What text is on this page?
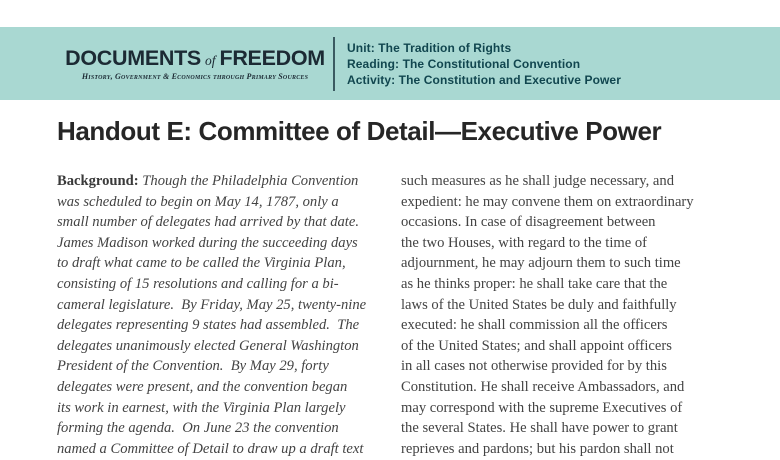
DOCUMENTS of FREEDOM
History, Government & Economics through Primary Sources
Unit: The Tradition of Rights
Reading: The Constitutional Convention
Activity: The Constitution and Executive Power
Handout E: Committee of Detail—Executive Power
Background: Though the Philadelphia Convention
was scheduled to begin on May 14, 1787, only a
small number of delegates had arrived by that date.
James Madison worked during the succeeding days
to draft what came to be called the Virginia Plan,
consisting of 15 resolutions and calling for a bi-
cameral legislature.  By Friday, May 25, twenty-nine
delegates representing 9 states had assembled.  The
delegates unanimously elected General Washington
President of the Convention.  By May 29, forty
delegates were present, and the convention began
its work in earnest, with the Virginia Plan largely
forming the agenda.  On June 23 the convention
named a Committee of Detail to draw up a draft text
such measures as he shall judge necessary, and
expedient: he may convene them on extraordinary
occasions. In case of disagreement between
the two Houses, with regard to the time of
adjournment, he may adjourn them to such time
as he thinks proper: he shall take care that the
laws of the United States be duly and faithfully
executed: he shall commission all the officers
of the United States; and shall appoint officers
in all cases not otherwise provided for by this
Constitution. He shall receive Ambassadors, and
may correspond with the supreme Executives of
the several States. He shall have power to grant
reprieves and pardons; but his pardon shall not
